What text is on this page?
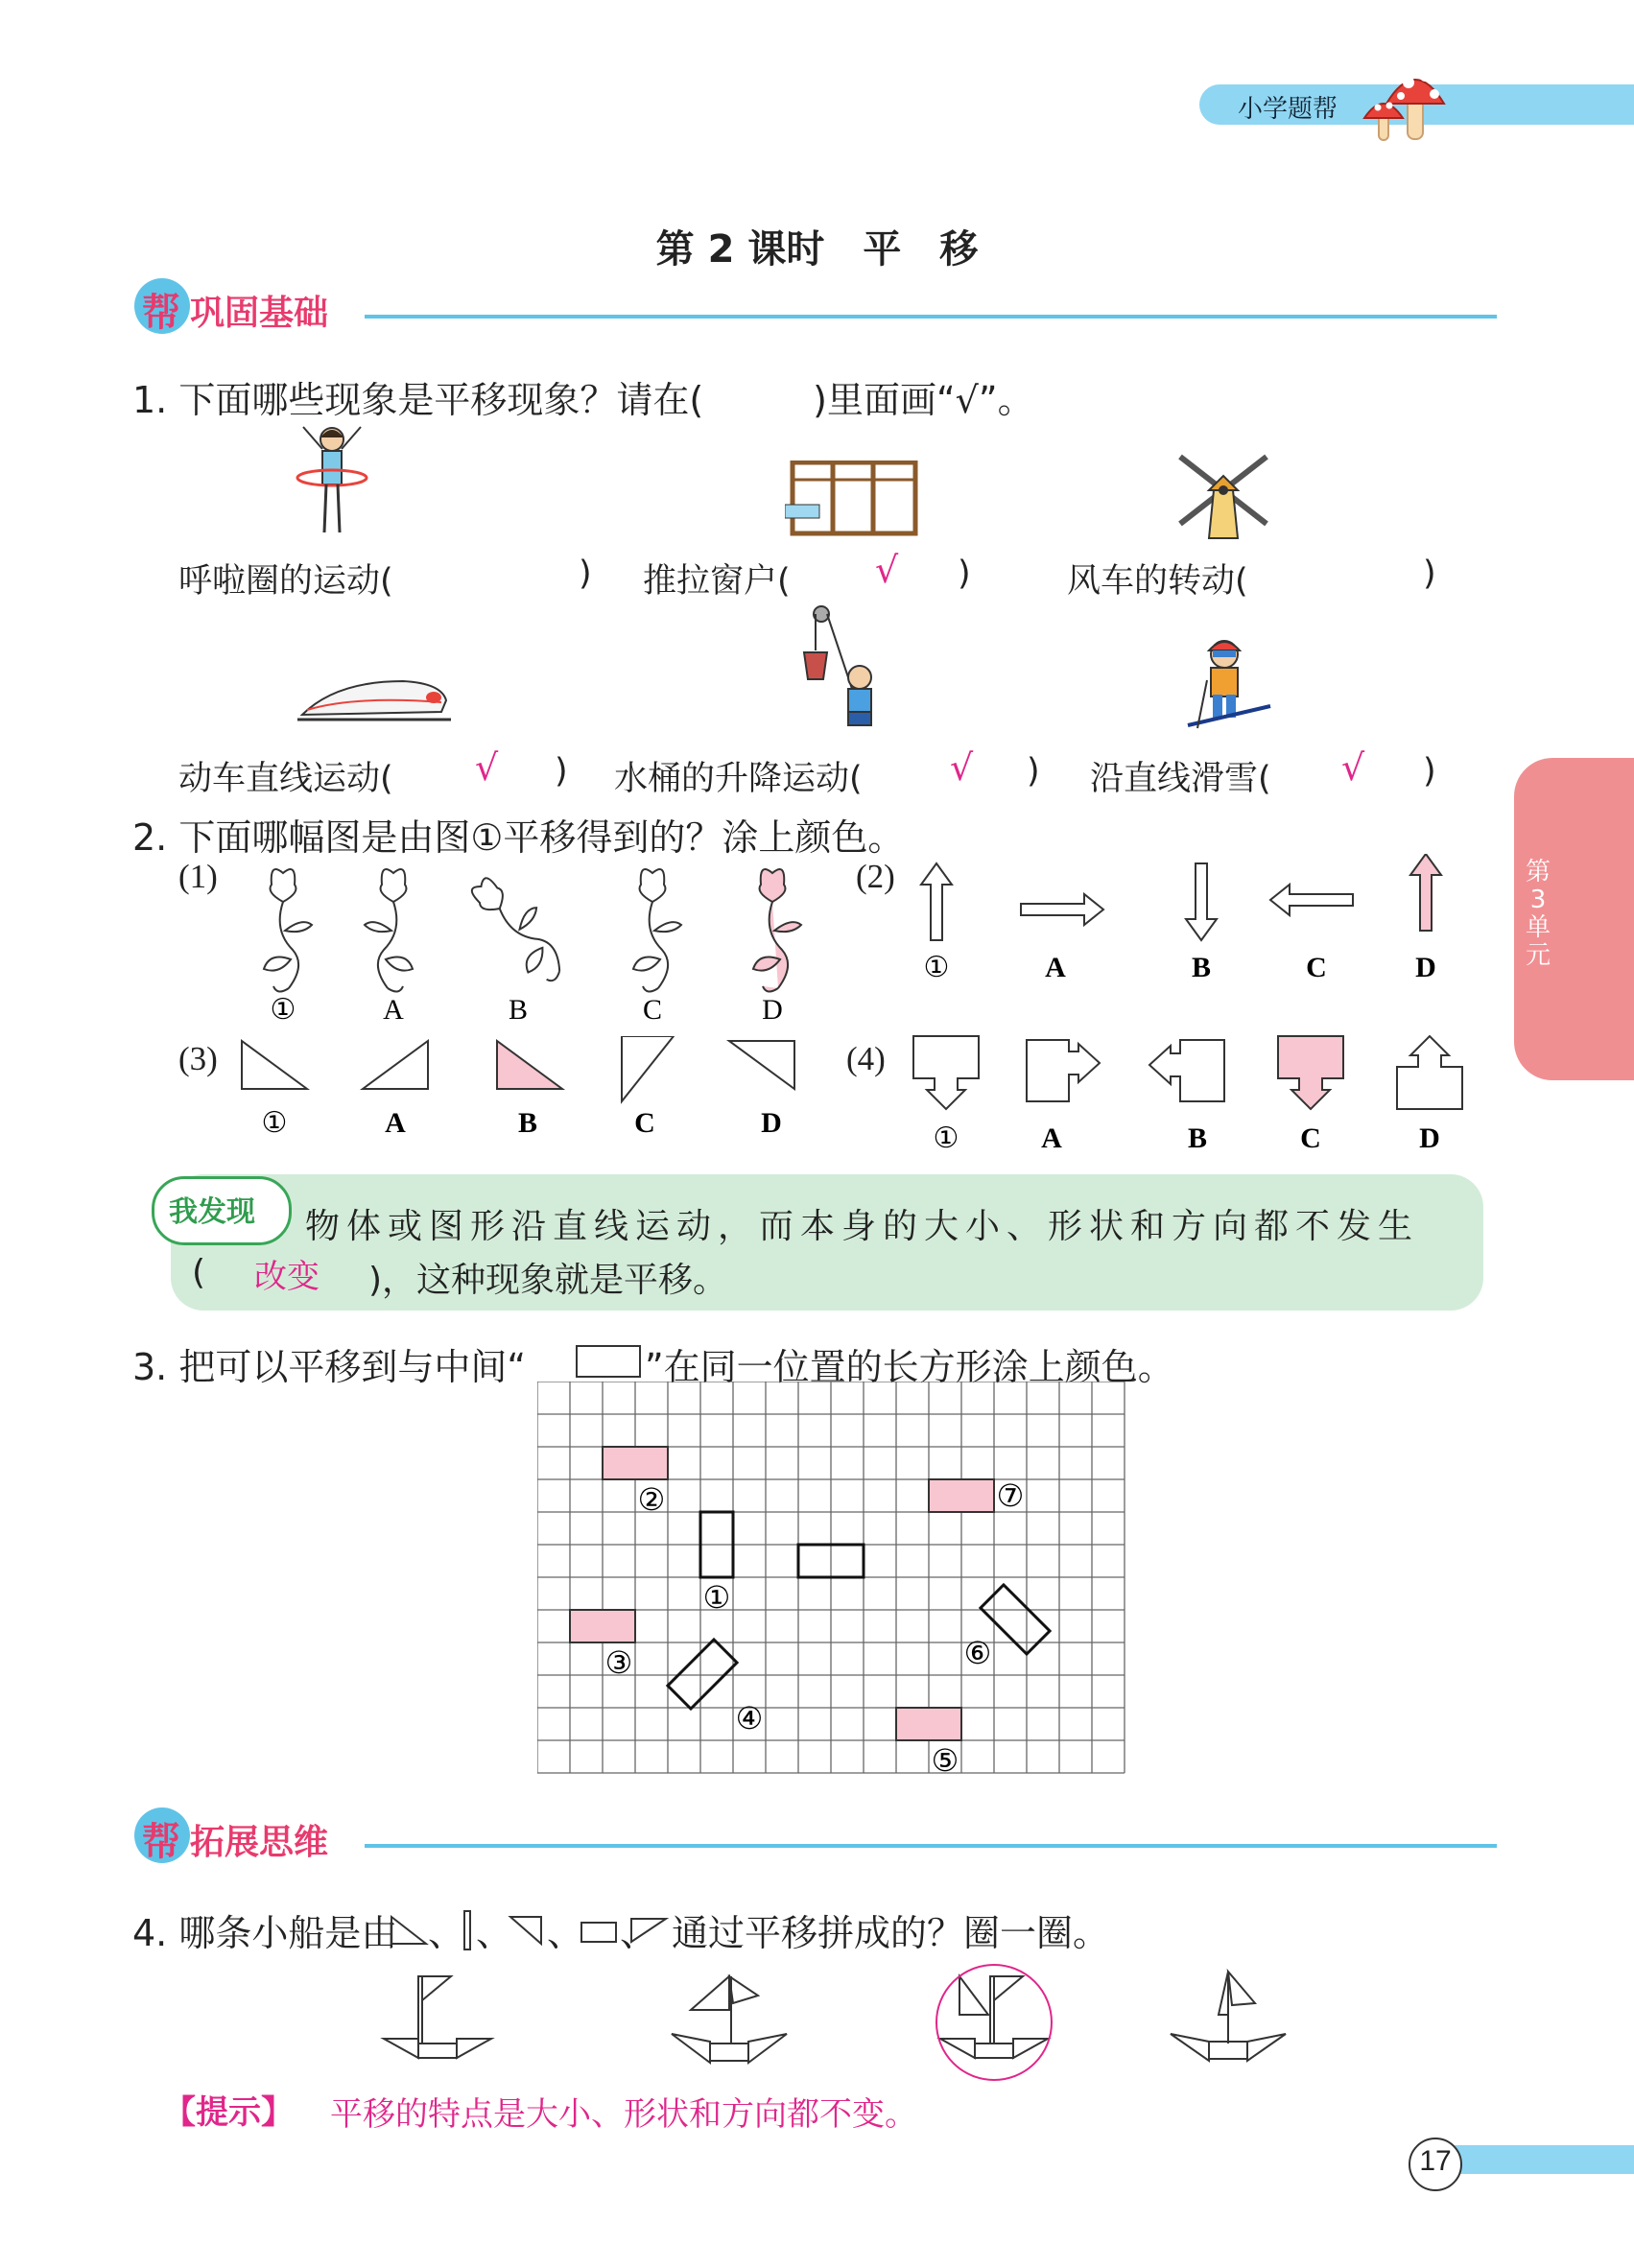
小学题帮
第 2 课时　平　移
帮 巩固基础
第
3
单
元
1. 下面哪些现象是平移现象？请在(　　　)里面画“√”。
呼啦圈的运动(	) 推拉窗户( √ )	风车的转动(	)
动车直线运动( √ ) 水桶的升降运动( √ ) 沿直线滑雪( √ )
2. 下面哪幅图是由图①平移得到的？涂上颜色。
(1)	(2)
(3)	(4)
①	A	B	C	D
①	A	B	C	D
①	A	B	C	D	①	A	B	C	D
我发现 物体或图形沿直线运动，而本身的大小、形状和方向都不发生
( 改变 )，这种现象就是平移。
3. 把可以平移到与中间“	”在同一位置的长方形涂上颜色。
①
②
③
④
⑤
⑥
⑦
帮 拓展思维
4. 哪条小船是由 、 、 、 、 通过平移拼成的？圈一圈。
【提示】 平移的特点是大小、形状和方向都不变。
17
